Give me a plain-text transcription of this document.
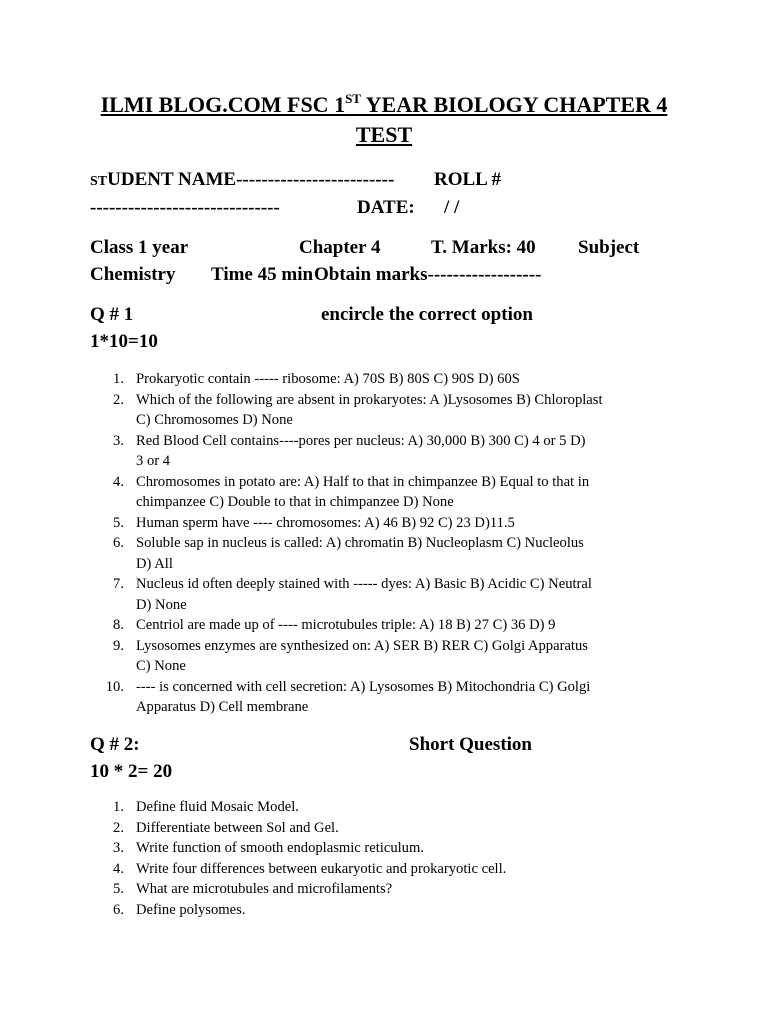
ILMI BLOG.COM FSC 1ST YEAR BIOLOGY CHAPTER 4
TEST
STUDENT NAME------------------------- ROLL #
------------------------------	DATE: / /
Class 1 year	Chapter 4	T. Marks: 40 Subject
Chemistry Time 45 min Obtain marks------------------
Q # 1	encircle the correct option
1*10=10
1. Prokaryotic contain ----- ribosome: A) 70S B) 80S C) 90S D) 60S
2. Which of the following are absent in prokaryotes: A )Lysosomes B) Chloroplast
C) Chromosomes D) None
3. Red Blood Cell contains----pores per nucleus: A) 30,000 B) 300 C) 4 or 5 D)
3 or 4
4. Chromosomes in potato are: A) Half to that in chimpanzee B) Equal to that in
chimpanzee C) Double to that in chimpanzee D) None
5. Human sperm have ---- chromosomes: A) 46 B) 92 C) 23 D)11.5
6. Soluble sap in nucleus is called: A) chromatin B) Nucleoplasm C) Nucleolus
D) All
7. Nucleus id often deeply stained with ----- dyes: A) Basic B) Acidic C) Neutral
D) None
8. Centriol are made up of ---- microtubules triple: A) 18 B) 27 C) 36 D) 9
9. Lysosomes enzymes are synthesized on: A) SER B) RER C) Golgi Apparatus
C) None
10. ---- is concerned with cell secretion: A) Lysosomes B) Mitochondria C) Golgi
Apparatus D) Cell membrane
Q # 2:	Short Question
10 * 2= 20
1. Define fluid Mosaic Model.
2. Differentiate between Sol and Gel.
3. Write function of smooth endoplasmic reticulum.
4. Write four differences between eukaryotic and prokaryotic cell.
5. What are microtubules and microfilaments?
6. Define polysomes.
